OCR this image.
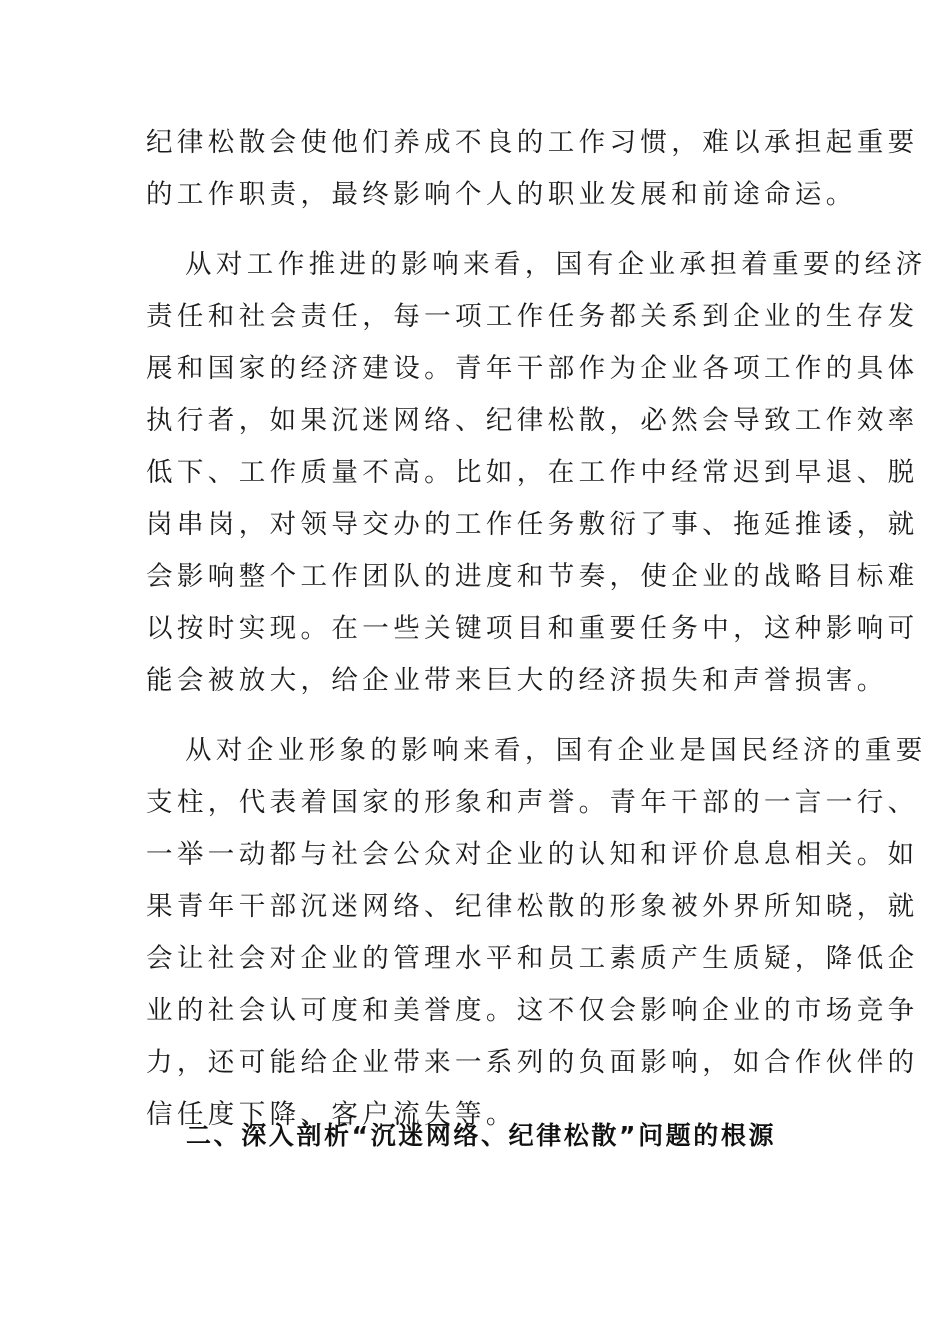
纪律松散会使他们养成不良的工作习惯，难以承担起重要
的工作职责，最终影响个人的职业发展和前途命运。
从对工作推进的影响来看，国有企业承担着重要的经济
责任和社会责任，每一项工作任务都关系到企业的生存发
展和国家的经济建设。青年干部作为企业各项工作的具体
执行者，如果沉迷网络、纪律松散，必然会导致工作效率
低下、工作质量不高。比如，在工作中经常迟到早退、脱
岗串岗，对领导交办的工作任务敷衍了事、拖延推诿，就
会影响整个工作团队的进度和节奏，使企业的战略目标难
以按时实现。在一些关键项目和重要任务中，这种影响可
能会被放大，给企业带来巨大的经济损失和声誉损害。
从对企业形象的影响来看，国有企业是国民经济的重要
支柱，代表着国家的形象和声誉。青年干部的一言一行、
一举一动都与社会公众对企业的认知和评价息息相关。如
果青年干部沉迷网络、纪律松散的形象被外界所知晓，就
会让社会对企业的管理水平和员工素质产生质疑，降低企
业的社会认可度和美誉度。这不仅会影响企业的市场竞争
力，还可能给企业带来一系列的负面影响，如合作伙伴的
信任度下降、客户流失等。
二、深入剖析“沉迷网络、纪律松散”问题的根源
